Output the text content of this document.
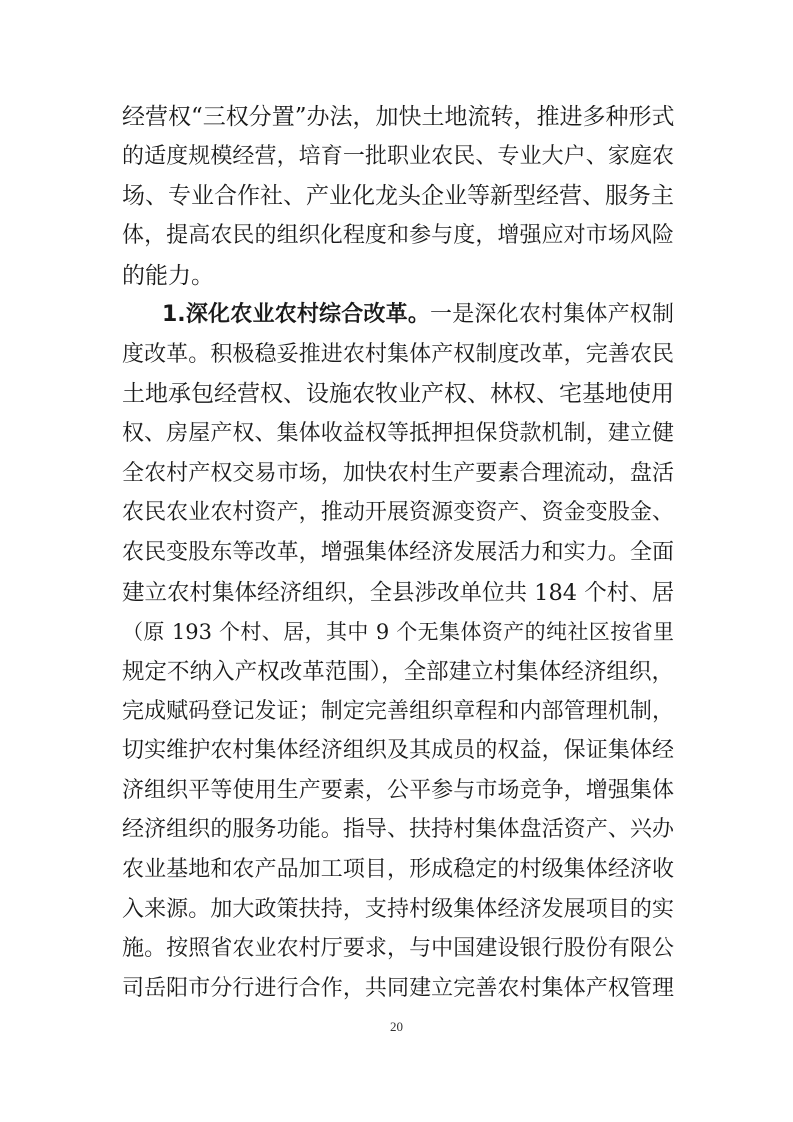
经营权“三权分置”办法，加快土地流转，推进多种形式
的适度规模经营，培育一批职业农民、专业大户、家庭农
场、专业合作社、产业化龙头企业等新型经营、服务主
体，提高农民的组织化程度和参与度，增强应对市场风险
的能力。
1.深化农业农村综合改革。一是深化农村集体产权制
度改革。积极稳妥推进农村集体产权制度改革，完善农民
土地承包经营权、设施农牧业产权、林权、宅基地使用
权、房屋产权、集体收益权等抵押担保贷款机制，建立健
全农村产权交易市场，加快农村生产要素合理流动，盘活
农民农业农村资产，推动开展资源变资产、资金变股金、
农民变股东等改革，增强集体经济发展活力和实力。全面
建立农村集体经济组织，全县涉改单位共 184 个村、居
（原 193 个村、居，其中 9 个无集体资产的纯社区按省里
规定不纳入产权改革范围），全部建立村集体经济组织，
完成赋码登记发证；制定完善组织章程和内部管理机制，
切实维护农村集体经济组织及其成员的权益，保证集体经
济组织平等使用生产要素，公平参与市场竞争，增强集体
经济组织的服务功能。指导、扶持村集体盘活资产、兴办
农业基地和农产品加工项目，形成稳定的村级集体经济收
入来源。加大政策扶持，支持村级集体经济发展项目的实
施。按照省农业农村厅要求，与中国建设银行股份有限公
司岳阳市分行进行合作，共同建立完善农村集体产权管理
20
